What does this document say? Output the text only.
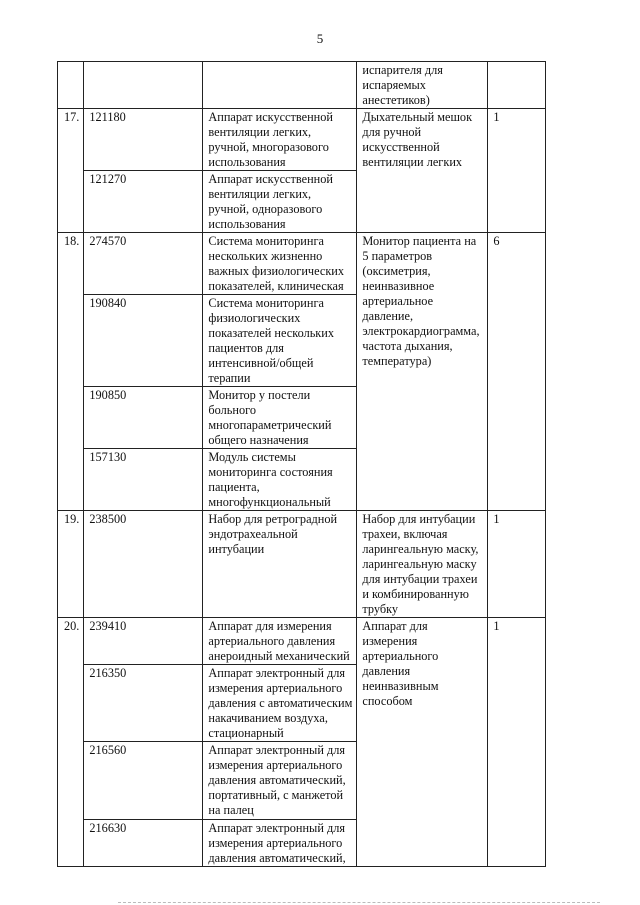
5

			испарителя для испаряемых анестетиков)	

17.	121180	Аппарат искусственной вентиляции легких, ручной, многоразового использования	Дыхательный мешок для ручной искусственной вентиляции легких	1
	121270	Аппарат искусственной вентиляции легких, ручной, одноразового использования		
18.	274570	Система мониторинга нескольких жизненно важных физиологических показателей, клиническая	Монитор пациента на 5 параметров (оксиметрия, неинвазивное артериальное давление, электрокардиограмма, частота дыхания, температура)	6
	190840	Система мониторинга физиологических показателей нескольких пациентов для интенсивной/общей терапии		
	190850	Монитор у постели больного многопараметрический общего назначения		
	157130	Модуль системы мониторинга состояния пациента, многофункциональный		
19.	238500	Набор для ретроградной эндотрахеальной интубации	Набор для интубации трахеи, включая ларингеальную маску, ларингеальную маску для интубации трахеи и комбинированную трубку	1
20.	239410	Аппарат для измерения артериального давления анероидный механический	Аппарат для измерения артериального давления неинвазивным способом	1
	216350	Аппарат электронный для измерения артериального давления с автоматическим накачиванием воздуха, стационарный		
	216560	Аппарат электронный для измерения артериального давления автоматический, портативный, с манжетой на палец		
	216630	Аппарат электронный для измерения артериального давления автоматический,		
